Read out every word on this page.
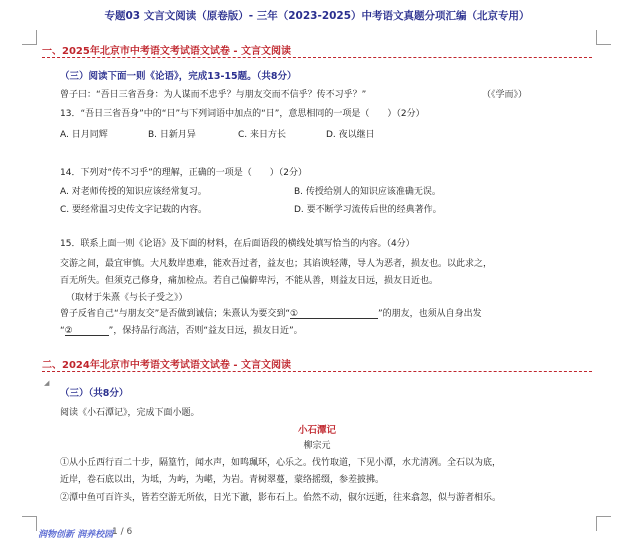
专题03 文言文阅读（原卷版）- 三年（2023-2025）中考语文真题分项汇编（北京专用）
一、2025年北京市中考语文考试语文试卷 - 文言文阅读
（三）阅读下面一则《论语》，完成13-15题。（共8分）
曾子曰：“吾日三省吾身：为人谋而不忠乎？与朋友交而不信乎？传不习乎？”	（《学而》）
13．“吾日三省吾身”中的“日”与下列词语中加点的“日”，意思相同的一项是（　　）（2分）
A. 日月同辉	B. 日新月异	C. 来日方长	D. 夜以继日
14．下列对“传不习乎”的理解，正确的一项是（　　）（2分）
A. 对老师传授的知识应该经常复习。	B. 传授给别人的知识应该准确无误。
C. 要经常温习史传文字记载的内容。	D. 要不断学习流传后世的经典著作。
15．联系上面一则《论语》及下面的材料，在后面语段的横线处填写恰当的内容。（4分）
交游之间，最宜审慎。大凡数岸患难，能欢吾过者，益友也；其谄谀轻薄，导人为恶者，损友也。以此求之，
百无所失。但须克己修身，痛加检点。若自己偏僻卑污，不能从善，则益友日远，损友日近也。
（取材于朱熹《与长子受之》）
曾子反省自己“与朋友交”是否做到诚信；朱熹认为要交到“①	”的朋友，也须从自身出发
“②	”，保持品行高洁，否则“益友日远，损友日近”。
二、2024年北京市中考语文考试语文试卷 - 文言文阅读
◢
（三）（共8分）
阅读《小石潭记》，完成下面小题。
小石潭记
柳宗元
①从小丘西行百二十步，隔篁竹，闻水声，如鸣珮环，心乐之。伐竹取道，下见小潭，水尤清冽。全石以为底，
近岸，卷石底以出，为坻，为屿，为嵁，为岩。青树翠蔓，蒙络摇缀，参差披拂。
②潭中鱼可百许头，皆若空游无所依，日光下澈，影布石上。佁然不动，俶尔远逝，往来翕忽，似与游者相乐。
润物创新 润养校园
1 / 6
